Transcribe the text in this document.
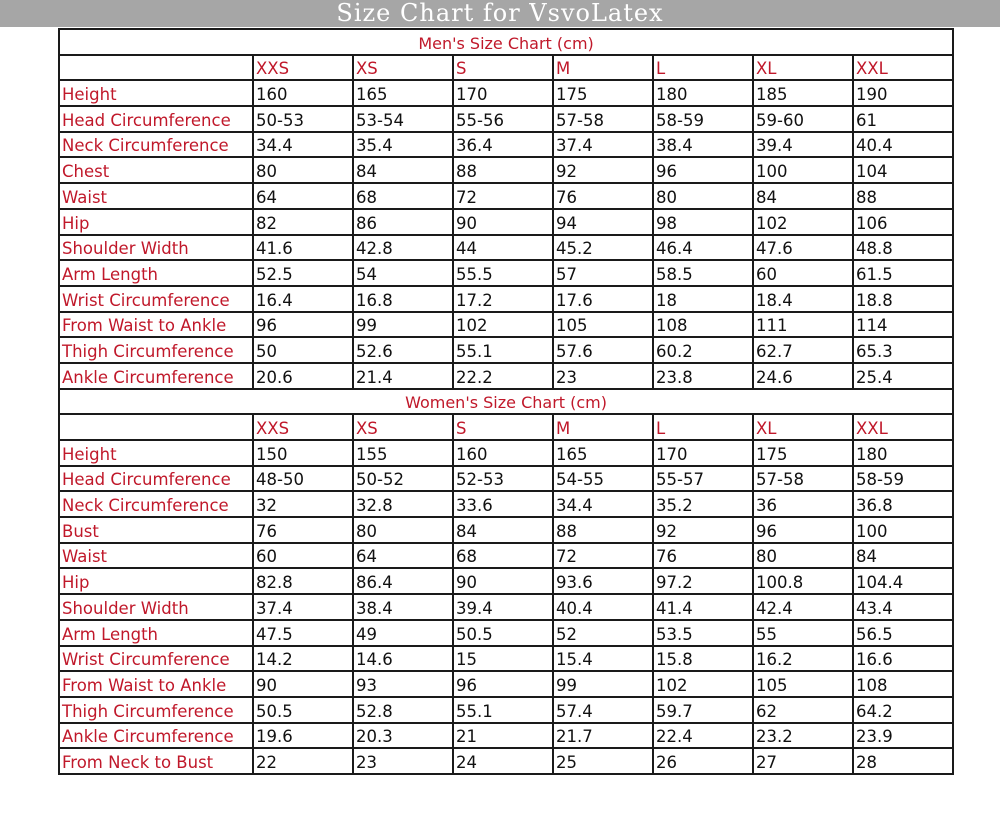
Size Chart for VsvoLatex
Men's Size Chart (cm)							
	XXS	XS	S	M	L	XL	XXL
Height	160	165	170	175	180	185	190
Head Circumference	50-53	53-54	55-56	57-58	58-59	59-60	61
Neck Circumference	34.4	35.4	36.4	37.4	38.4	39.4	40.4
Chest	80	84	88	92	96	100	104
Waist	64	68	72	76	80	84	88
Hip	82	86	90	94	98	102	106
Shoulder Width	41.6	42.8	44	45.2	46.4	47.6	48.8
Arm Length	52.5	54	55.5	57	58.5	60	61.5
Wrist Circumference	16.4	16.8	17.2	17.6	18	18.4	18.8
From Waist to Ankle	96	99	102	105	108	111	114
Thigh Circumference	50	52.6	55.1	57.6	60.2	62.7	65.3
Ankle Circumference	20.6	21.4	22.2	23	23.8	24.6	25.4
Women's Size Chart (cm)							
	XXS	XS	S	M	L	XL	XXL
Height	150	155	160	165	170	175	180
Head Circumference	48-50	50-52	52-53	54-55	55-57	57-58	58-59
Neck Circumference	32	32.8	33.6	34.4	35.2	36	36.8
Bust	76	80	84	88	92	96	100
Waist	60	64	68	72	76	80	84
Hip	82.8	86.4	90	93.6	97.2	100.8	104.4
Shoulder Width	37.4	38.4	39.4	40.4	41.4	42.4	43.4
Arm Length	47.5	49	50.5	52	53.5	55	56.5
Wrist Circumference	14.2	14.6	15	15.4	15.8	16.2	16.6
From Waist to Ankle	90	93	96	99	102	105	108
Thigh Circumference	50.5	52.8	55.1	57.4	59.7	62	64.2
Ankle Circumference	19.6	20.3	21	21.7	22.4	23.2	23.9
From Neck to Bust	22	23	24	25	26	27	28
